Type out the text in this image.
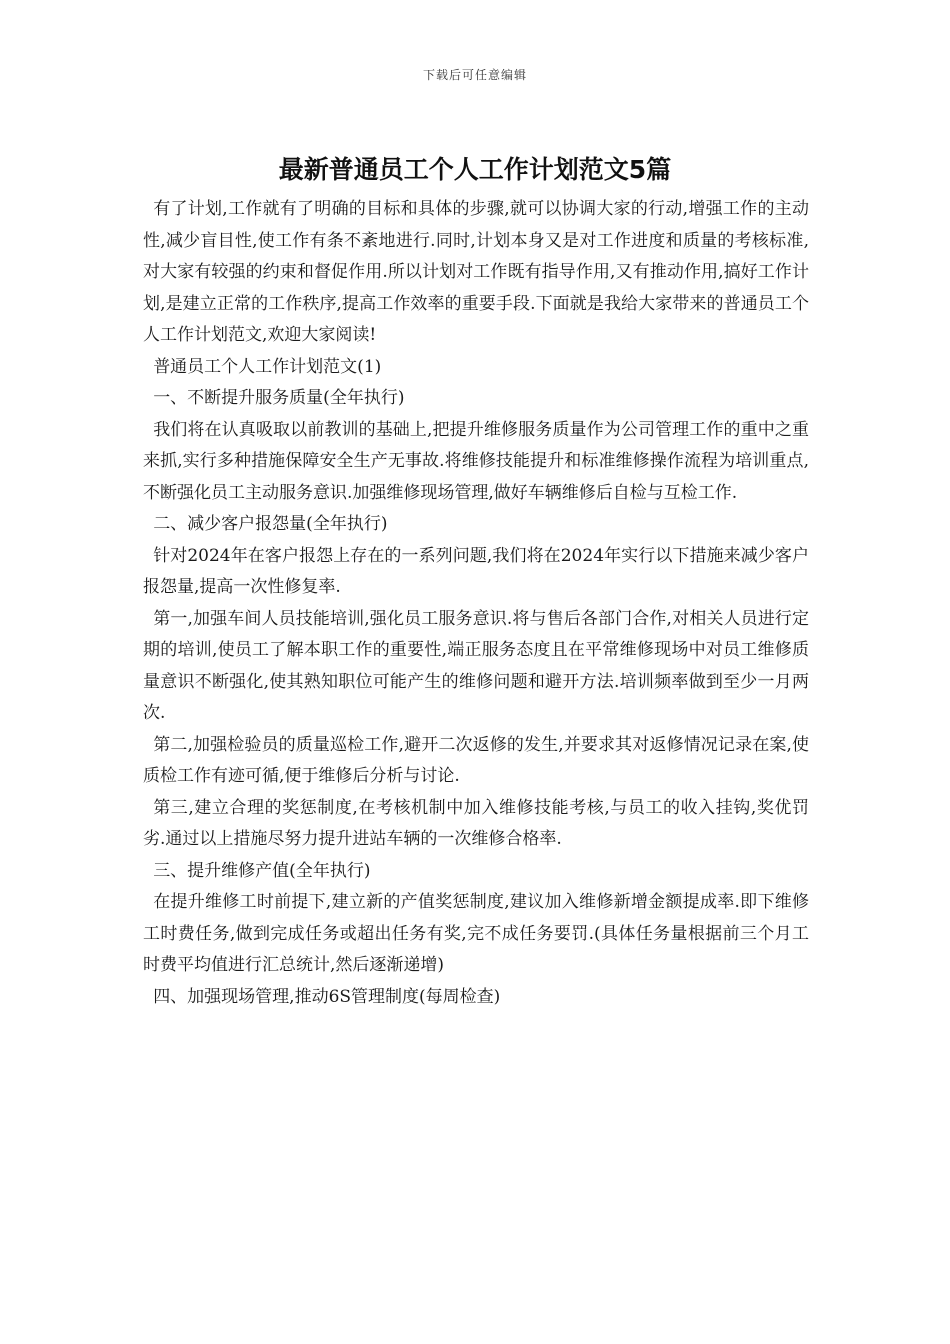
下载后可任意编辑
最新普通员工个人工作计划范文5篇

有了计划,工作就有了明确的目标和具体的步骤,就可以协调大家的行动,增强工作的主动性,减少盲目性,使工作有条不紊地进行.同时,计划本身又是对工作进度和质量的考核标准,对大家有较强的约束和督促作用.所以计划对工作既有指导作用,又有推动作用,搞好工作计划,是建立正常的工作秩序,提高工作效率的重要手段.下面就是我给大家带来的普通员工个人工作计划范文,欢迎大家阅读!

普通员工个人工作计划范文(1)

一、不断提升服务质量(全年执行)

我们将在认真吸取以前教训的基础上,把提升维修服务质量作为公司管理工作的重中之重来抓,实行多种措施保障安全生产无事故.将维修技能提升和标准维修操作流程为培训重点,不断强化员工主动服务意识.加强维修现场管理,做好车辆维修后自检与互检工作.

二、减少客户报怨量(全年执行)

针对2024年在客户报怨上存在的一系列问题,我们将在2024年实行以下措施来减少客户报怨量,提高一次性修复率.

第一,加强车间人员技能培训,强化员工服务意识.将与售后各部门合作,对相关人员进行定期的培训,使员工了解本职工作的重要性,端正服务态度且在平常维修现场中对员工维修质量意识不断强化,使其熟知职位可能产生的维修问题和避开方法.培训频率做到至少一月两次.

第二,加强检验员的质量巡检工作,避开二次返修的发生,并要求其对返修情况记录在案,使质检工作有迹可循,便于维修后分析与讨论.

第三,建立合理的奖惩制度,在考核机制中加入维修技能考核,与员工的收入挂钩,奖优罚劣.通过以上措施尽努力提升进站车辆的一次维修合格率.

三、提升维修产值(全年执行)

在提升维修工时前提下,建立新的产值奖惩制度,建议加入维修新增金额提成率.即下维修工时费任务,做到完成任务或超出任务有奖,完不成任务要罚.(具体任务量根据前三个月工时费平均值进行汇总统计,然后逐渐递增)

四、加强现场管理,推动6S管理制度(每周检查)
